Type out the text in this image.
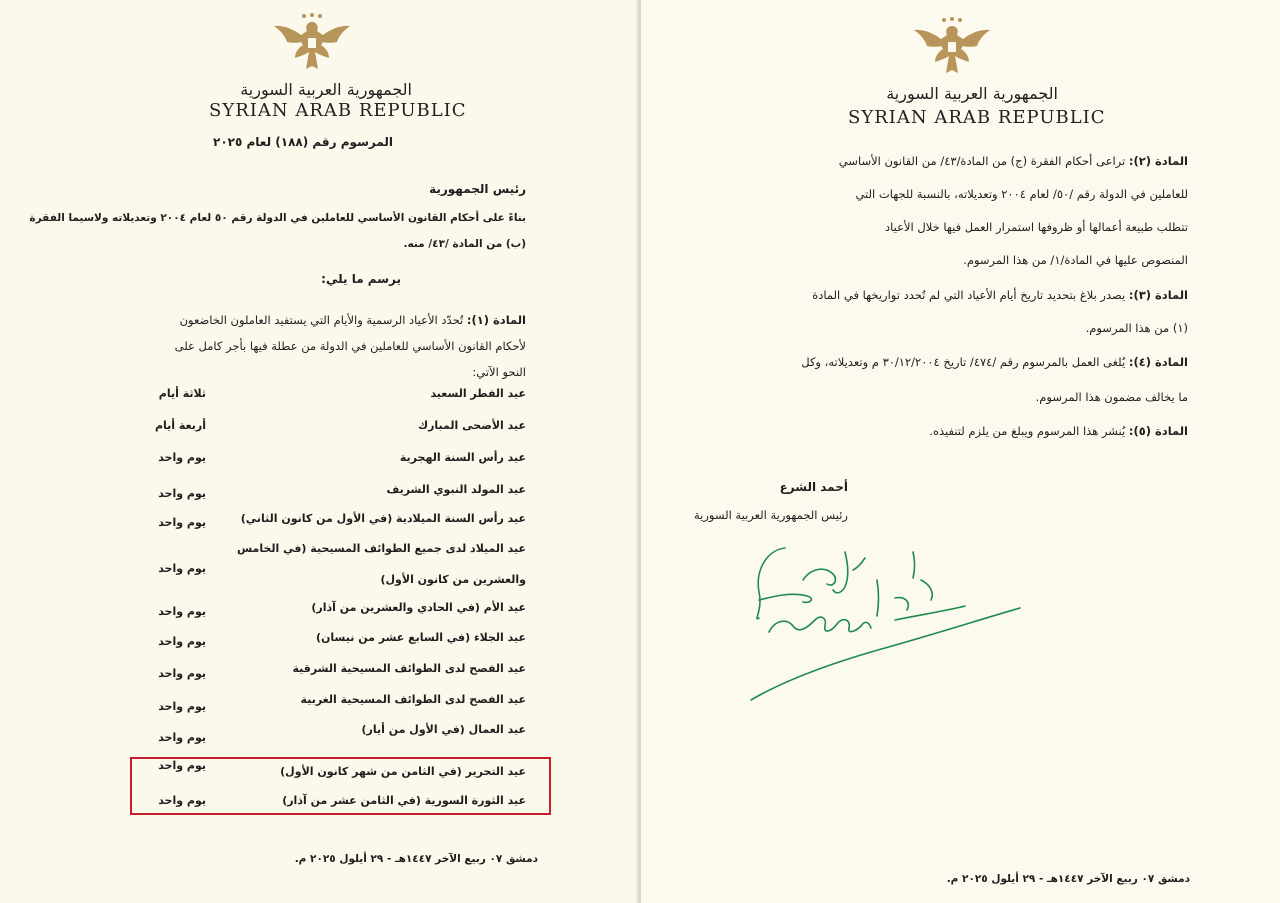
الجمهورية العربية السورية
SYRIAN ARAB REPUBLIC
المرسوم رقم (١٨٨) لعام ٢٠٢٥
رئيس الجمهورية
بناءً على أحكام القانون الأساسي للعاملين في الدولة رقم ٥٠ لعام ٢٠٠٤ وتعديلاته ولاسيما الفقرة
(ب) من المادة /٤٣/ منه.
يرسم ما يلي:
المادة (١): تُحدّد الأعياد الرسمية والأيام التي يستفيد العاملون الخاضعون
لأحكام القانون الأساسي للعاملين في الدولة من عطلة فيها بأجر كامل على
النحو الآتي:
عيد الفطر السعيد
ثلاثة أيام
عيد الأضحى المبارك
أربعة أيام
عيد رأس السنة الهجرية
يوم واحد
عيد المولد النبوي الشريف
يوم واحد
عيد رأس السنة الميلادية (في الأول من كانون الثاني)
يوم واحد
عيد الميلاد لدى جميع الطوائف المسيحية (في الخامس
والعشرين من كانون الأول)
يوم واحد
عيد الأم (في الحادي والعشرين من آذار)
يوم واحد
عيد الجلاء (في السابع عشر من نيسان)
يوم واحد
عيد الفصح لدى الطوائف المسيحية الشرقية
يوم واحد
عيد الفصح لدى الطوائف المسيحية الغربية
يوم واحد
عيد العمال (في الأول من أيار)
يوم واحد
عيد التحرير (في الثامن من شهر كانون الأول)
يوم واحد
عيد الثورة السورية (في الثامن عشر من آذار)
يوم واحد
دمشق ٠٧ ربيع الآخر ١٤٤٧هـ - ٢٩ أيلول ٢٠٢٥ م.
الجمهورية العربية السورية
SYRIAN ARAB REPUBLIC
المادة (٢): تراعى أحكام الفقرة (ج) من المادة/٤٣/ من القانون الأساسي
للعاملين في الدولة رقم /٥٠/ لعام ٢٠٠٤ وتعديلاته، بالنسبة للجهات التي
تتطلب طبيعة أعمالها أو ظروفها استمرار العمل فيها خلال الأعياد
المنصوص عليها في المادة/١/ من هذا المرسوم.
المادة (٣): يصدر بلاغ بتحديد تاريخ أيام الأعياد التي لم تُحدد تواريخها في المادة
(١) من هذا المرسوم.
المادة (٤): يُلغى العمل بالمرسوم رقم /٤٧٤/ تاريخ ٣٠/١٢/٢٠٠٤ م وتعديلاته، وكل
ما يخالف مضمون هذا المرسوم.
المادة (٥): يُنشر هذا المرسوم ويبلغ من يلزم لتنفيذه.
أحمد الشرع
رئيس الجمهورية العربية السورية
دمشق ٠٧ ربيع الآخر ١٤٤٧هـ - ٢٩ أيلول ٢٠٢٥ م.
